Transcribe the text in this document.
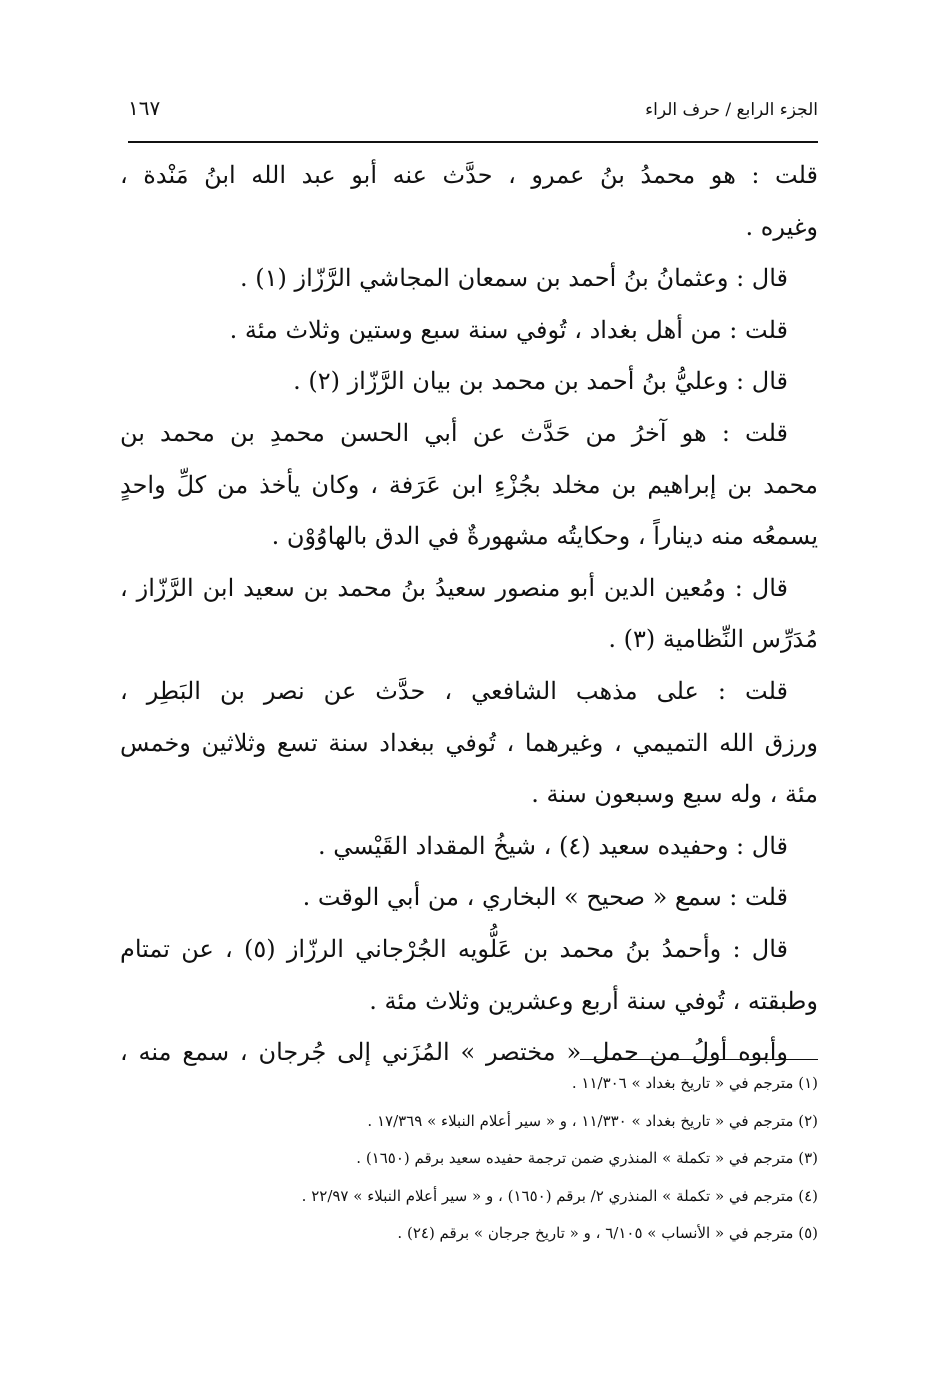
الجزء الرابع / حرف الراء
١٦٧
قلت : هو محمدُ بنُ عمرو ، حدَّث عنه أبو عبد الله ابنُ مَنْدة ،
وغيره .
قال : وعثمانُ بنُ أحمد بن سمعان المجاشي الرَّزّاز (١) .
قلت : من أهل بغداد ، تُوفي سنة سبع وستين وثلاث مئة .
قال : وعليُّ بنُ أحمد بن محمد بن بيان الرَّزّاز (٢) .
قلت : هو آخرُ من حَدَّث عن أبي الحسن محمدِ بن محمد بن
محمد بن إبراهيم بن مخلد بجُزْءِ ابن عَرَفة ، وكان يأخذ من كلِّ واحدٍ
يسمعُه منه ديناراً ، وحكايتُه مشهورةٌ في الدق بالهاوُوْن .
قال : ومُعين الدين أبو منصور سعيدُ بنُ محمد بن سعيد ابن الرَّزّاز ،
مُدَرِّس النِّظامية (٣) .
قلت : على مذهب الشافعي ، حدَّث عن نصر بن البَطِر ،
ورزق الله التميمي ، وغيرهما ، تُوفي ببغداد سنة تسع وثلاثين وخمس
مئة ، وله سبع وسبعون سنة .
قال : وحفيده سعيد (٤) ، شيخُ المقداد القَيْسي .
قلت : سمع « صحيح » البخاري ، من أبي الوقت .
قال : وأحمدُ بنُ محمد بن عَلُّويه الجُرْجاني الرزّاز (٥) ، عن تمتام
وطبقته ، تُوفي سنة أربع وعشرين وثلاث مئة .
وأبوه أولُ من حمل « مختصر » المُزَني إلى جُرجان ، سمع منه ،
(١) مترجم في « تاريخ بغداد » ١١/٣٠٦ .
(٢) مترجم في « تاريخ بغداد » ١١/٣٣٠ ، و « سير أعلام النبلاء » ١٧/٣٦٩ .
(٣) مترجم في « تكملة » المنذري ضمن ترجمة حفيده سعيد برقم (١٦٥٠) .
(٤) مترجم في « تكملة » المنذري ٢/ برقم (١٦٥٠) ، و « سير أعلام النبلاء » ٢٢/٩٧ .
(٥) مترجم في « الأنساب » ٦/١٠٥ ، و « تاريخ جرجان » برقم (٢٤) .
